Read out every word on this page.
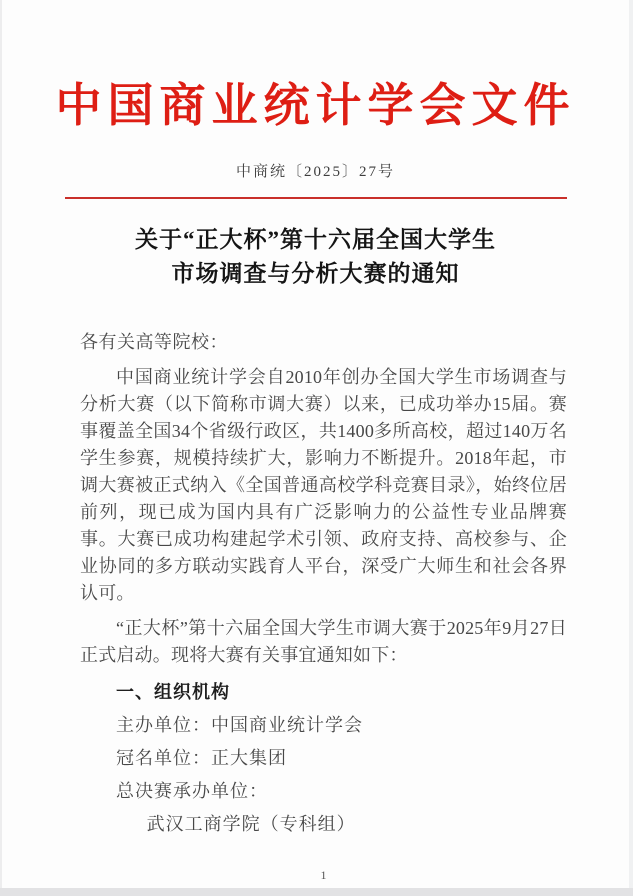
中国商业统计学会文件
中商统〔2025〕27号
关于“正大杯”第十六届全国大学生
市场调查与分析大赛的通知
各有关高等院校：
中国商业统计学会自2010年创办全国大学生市场调查与分析大赛（以下简称市调大赛）以来，已成功举办15届。赛事覆盖全国34个省级行政区，共1400多所高校，超过140万名学生参赛，规模持续扩大，影响力不断提升。2018年起，市调大赛被正式纳入《全国普通高校学科竞赛目录》，始终位居前列，现已成为国内具有广泛影响力的公益性专业品牌赛事。大赛已成功构建起学术引领、政府支持、高校参与、企业协同的多方联动实践育人平台，深受广大师生和社会各界认可。
“正大杯”第十六届全国大学生市调大赛于2025年9月27日正式启动。现将大赛有关事宜通知如下：
一、组织机构
主办单位：中国商业统计学会
冠名单位：正大集团
总决赛承办单位：
武汉工商学院（专科组）
1
